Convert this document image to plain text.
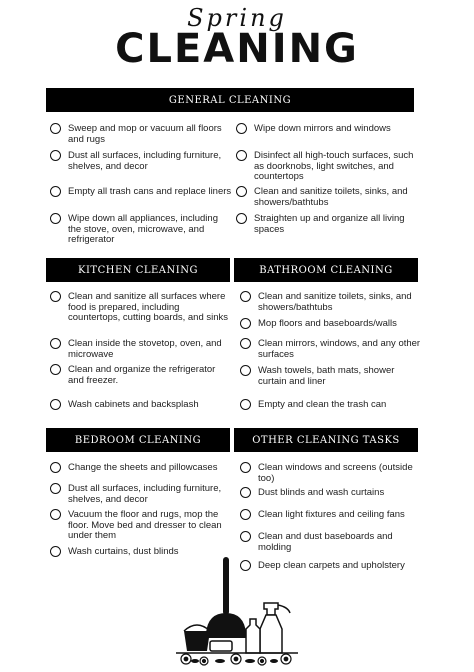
Spring
CLEANING
GENERAL CLEANING
Sweep and mop or vacuum all floors and rugs
Dust all surfaces, including furniture, shelves, and decor
Empty all trash cans and replace liners
Wipe down all appliances, including the stove, oven, microwave, and refrigerator
Wipe down mirrors and windows
Disinfect all high-touch surfaces, such as doorknobs, light switches, and countertops
Clean and sanitize toilets, sinks, and showers/bathtubs
Straighten up and organize all living spaces
KITCHEN CLEANING	BATHROOM CLEANING
Clean and sanitize all surfaces where food is prepared, including countertops, cutting boards, and sinks
Clean inside the stovetop, oven, and microwave
Clean and organize the refrigerator and freezer.
Wash cabinets and backsplash
Clean and sanitize toilets, sinks, and showers/bathtubs
Mop floors and baseboards/walls
Clean mirrors, windows, and any other surfaces
Wash towels, bath mats, shower curtain and liner
Empty and clean the trash can
BEDROOM CLEANING	OTHER CLEANING TASKS
Change the sheets and pillowcases
Dust all surfaces, including furniture, shelves, and decor
Vacuum the floor and rugs, mop the floor. Move bed and dresser to clean under them
Wash curtains, dust blinds
Clean windows and screens (outside too)
Dust blinds and wash curtains
Clean light fixtures and ceiling fans
Clean and dust baseboards and molding
Deep clean carpets and upholstery
